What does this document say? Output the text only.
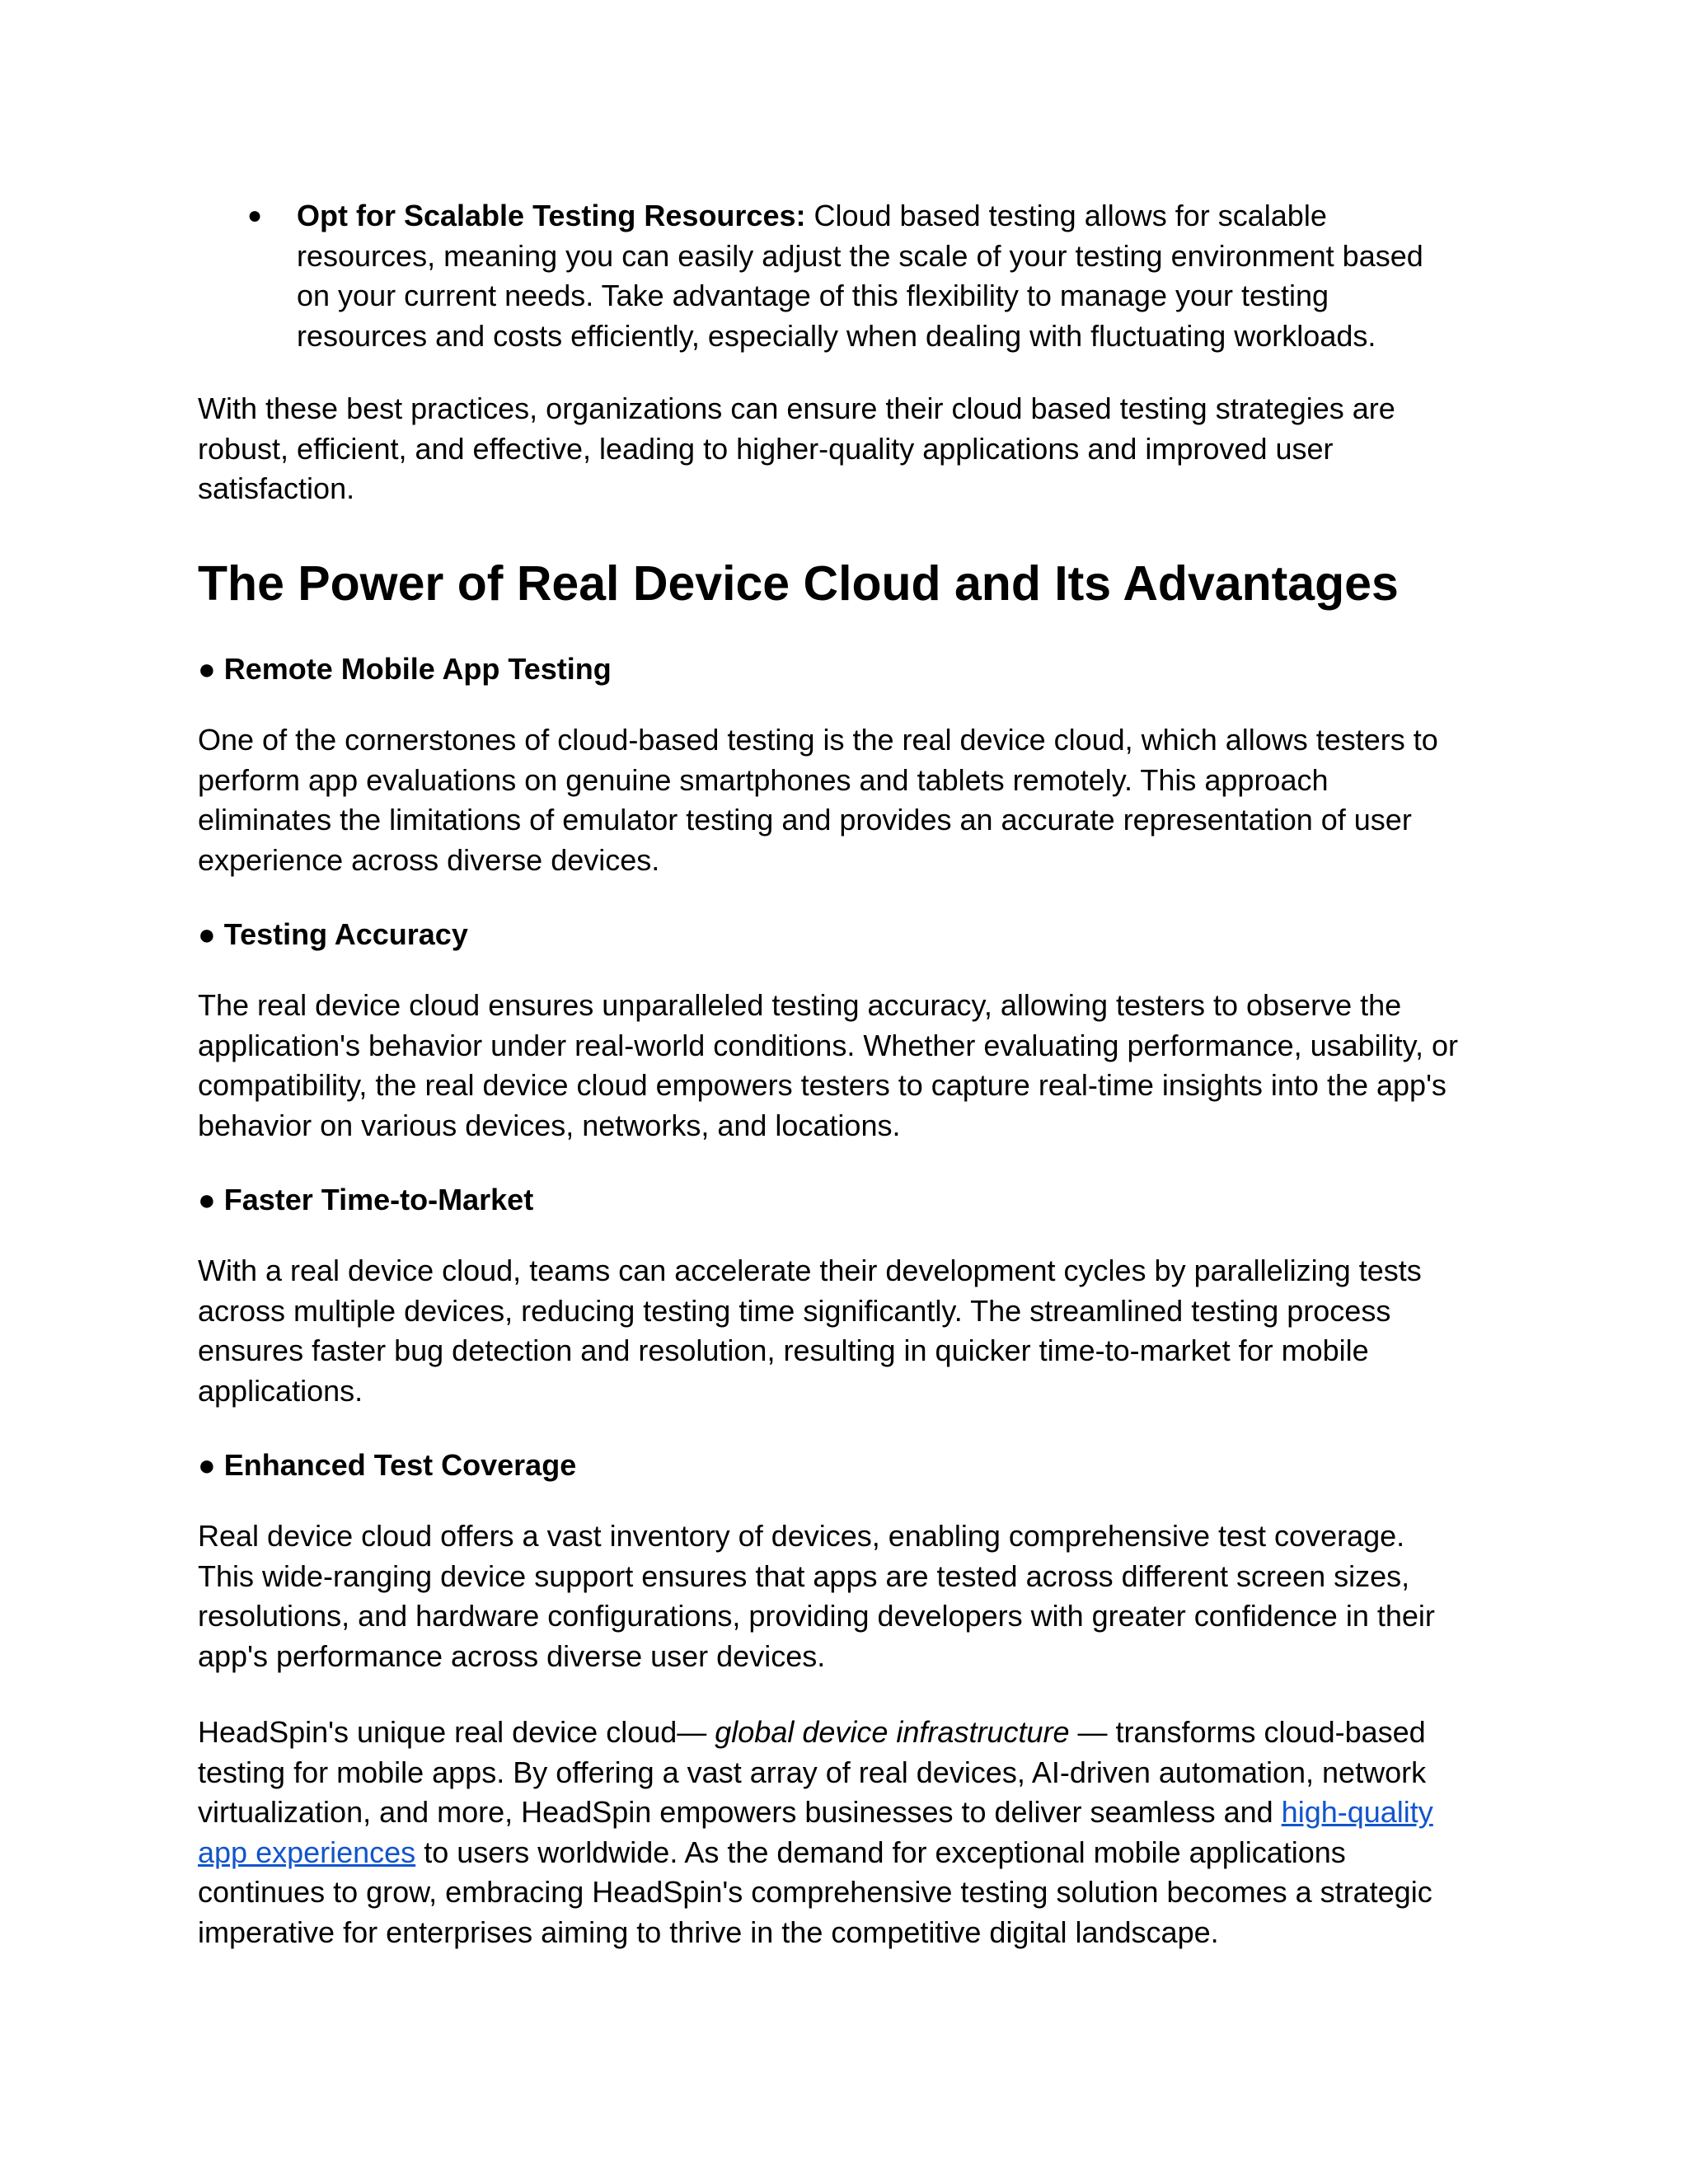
● Opt for Scalable Testing Resources: Cloud based testing allows for scalable
resources, meaning you can easily adjust the scale of your testing environment based
on your current needs. Take advantage of this flexibility to manage your testing
resources and costs efficiently, especially when dealing with fluctuating workloads.
With these best practices, organizations can ensure their cloud based testing strategies are
robust, efficient, and effective, leading to higher-quality applications and improved user
satisfaction.
The Power of Real Device Cloud and Its Advantages
● Remote Mobile App Testing
One of the cornerstones of cloud-based testing is the real device cloud, which allows testers to
perform app evaluations on genuine smartphones and tablets remotely. This approach
eliminates the limitations of emulator testing and provides an accurate representation of user
experience across diverse devices.
● Testing Accuracy
The real device cloud ensures unparalleled testing accuracy, allowing testers to observe the
application's behavior under real-world conditions. Whether evaluating performance, usability, or
compatibility, the real device cloud empowers testers to capture real-time insights into the app's
behavior on various devices, networks, and locations.
● Faster Time-to-Market
With a real device cloud, teams can accelerate their development cycles by parallelizing tests
across multiple devices, reducing testing time significantly. The streamlined testing process
ensures faster bug detection and resolution, resulting in quicker time-to-market for mobile
applications.
● Enhanced Test Coverage
Real device cloud offers a vast inventory of devices, enabling comprehensive test coverage.
This wide-ranging device support ensures that apps are tested across different screen sizes,
resolutions, and hardware configurations, providing developers with greater confidence in their
app's performance across diverse user devices.
HeadSpin's unique real device cloud— global device infrastructure — transforms cloud-based
testing for mobile apps. By offering a vast array of real devices, AI-driven automation, network
virtualization, and more, HeadSpin empowers businesses to deliver seamless and high-quality
app experiences to users worldwide. As the demand for exceptional mobile applications
continues to grow, embracing HeadSpin's comprehensive testing solution becomes a strategic
imperative for enterprises aiming to thrive in the competitive digital landscape.
